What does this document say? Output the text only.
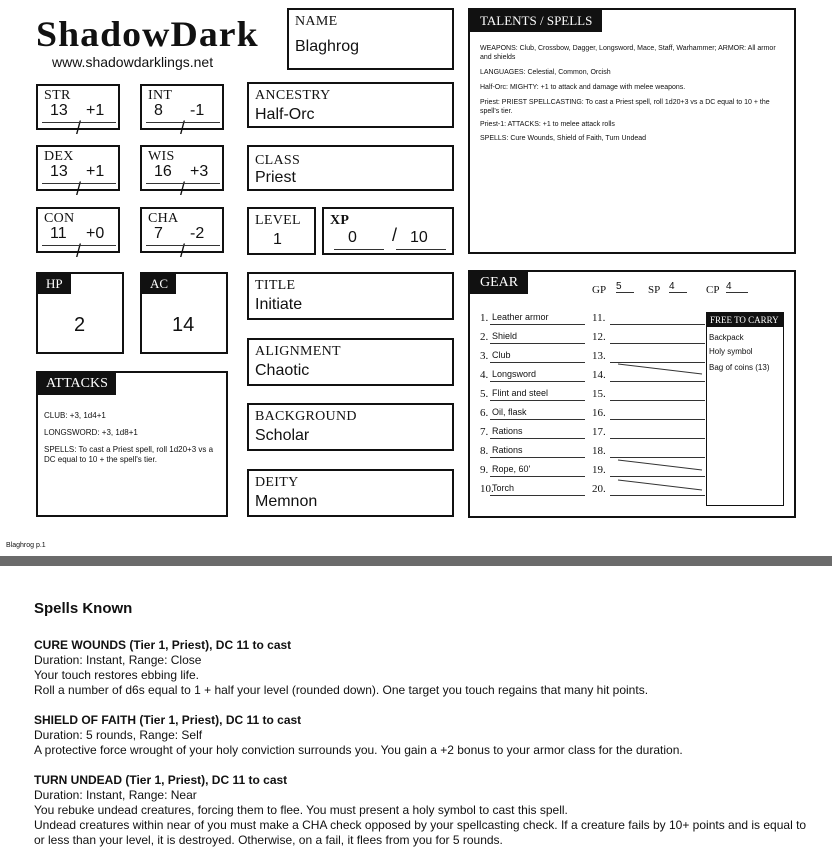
ShadowDark
www.shadowdarklings.net
NAME
Blaghrog
STR
13
/
+1
INT
8
/
-1
DEX
13
/
+1
WIS
16
/
+3
CON
11
/
+0
CHA
7
/
-2
ANCESTRY
Half-Orc
CLASS
Priest
LEVEL
1
XP
0 / 10
HP
2
AC
14
TITLE
Initiate
ALIGNMENT
Chaotic
BACKGROUND
Scholar
DEITY
Memnon
ATTACKS
CLUB: +3, 1d4+1
LONGSWORD: +3, 1d8+1
SPELLS: To cast a Priest spell, roll 1d20+3 vs a DC equal to 10 + the spell's tier.
TALENTS / SPELLS
WEAPONS: Club, Crossbow, Dagger, Longsword, Mace, Staff, Warhammer; ARMOR: All armor and shields
LANGUAGES: Celestial, Common, Orcish
Half-Orc: MIGHTY: +1 to attack and damage with melee weapons.
Priest: PRIEST SPELLCASTING: To cast a Priest spell, roll 1d20+3 vs a DC equal to 10 + the spell's tier.
Priest-1: ATTACKS: +1 to melee attack rolls
SPELLS: Cure Wounds, Shield of Faith, Turn Undead
GEAR	GP 5	SP 4	CP 4
1. Leather armor
2. Shield
3. Club
4. Longsword
5. Flint and steel
6. Oil, flask
7. Rations
8. Rations
9. Rope, 60'
10.
Torch
11.
12.
13.
14.
15.
16.
17.
18.
19.
20.
FREE TO CARRY
Backpack
Holy symbol
Bag of coins (13)
Blaghrog p.1
Spells Known
CURE WOUNDS (Tier 1, Priest), DC 11 to cast
Duration: Instant, Range: Close
Your touch restores ebbing life.
Roll a number of d6s equal to 1 + half your level (rounded down). One target you touch regains that many hit points.
SHIELD OF FAITH (Tier 1, Priest), DC 11 to cast
Duration: 5 rounds, Range: Self
A protective force wrought of your holy conviction surrounds you. You gain a +2 bonus to your armor class for the duration.
TURN UNDEAD (Tier 1, Priest), DC 11 to cast
Duration: Instant, Range: Near
You rebuke undead creatures, forcing them to flee. You must present a holy symbol to cast this spell.
Undead creatures within near of you must make a CHA check opposed by your spellcasting check. If a creature fails by 10+ points and is equal to or less than your level, it is destroyed. Otherwise, on a fail, it flees from you for 5 rounds.
